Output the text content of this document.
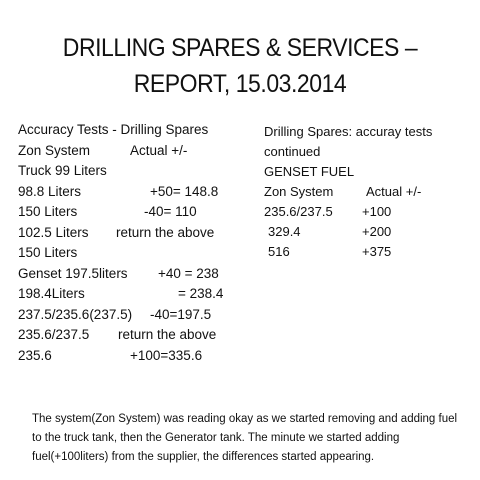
DRILLING SPARES & SERVICES –
REPORT, 15.03.2014
Accuracy Tests - Drilling Spares
Zon System	Actual +/-
Truck 99 Liters
98.8 Liters	+50= 148.8
150 Liters	-40= 110
102.5 Liters return the above
150 Liters
Genset 197.5liters +40 = 238
198.4Liters	= 238.4
237.5/235.6(237.5) -40=197.5
235.6/237.5 return the above
235.6	+100=335.6
Drilling Spares: accuray tests
continued
GENSET FUEL
Zon System	Actual +/-
235.6/237.5 +100
329.4	+200
516	+375
The system(Zon System) was reading okay as we started removing and adding fuel to the truck tank, then the Generator tank. The minute we started adding fuel(+100liters) from the supplier, the differences started appearing.
